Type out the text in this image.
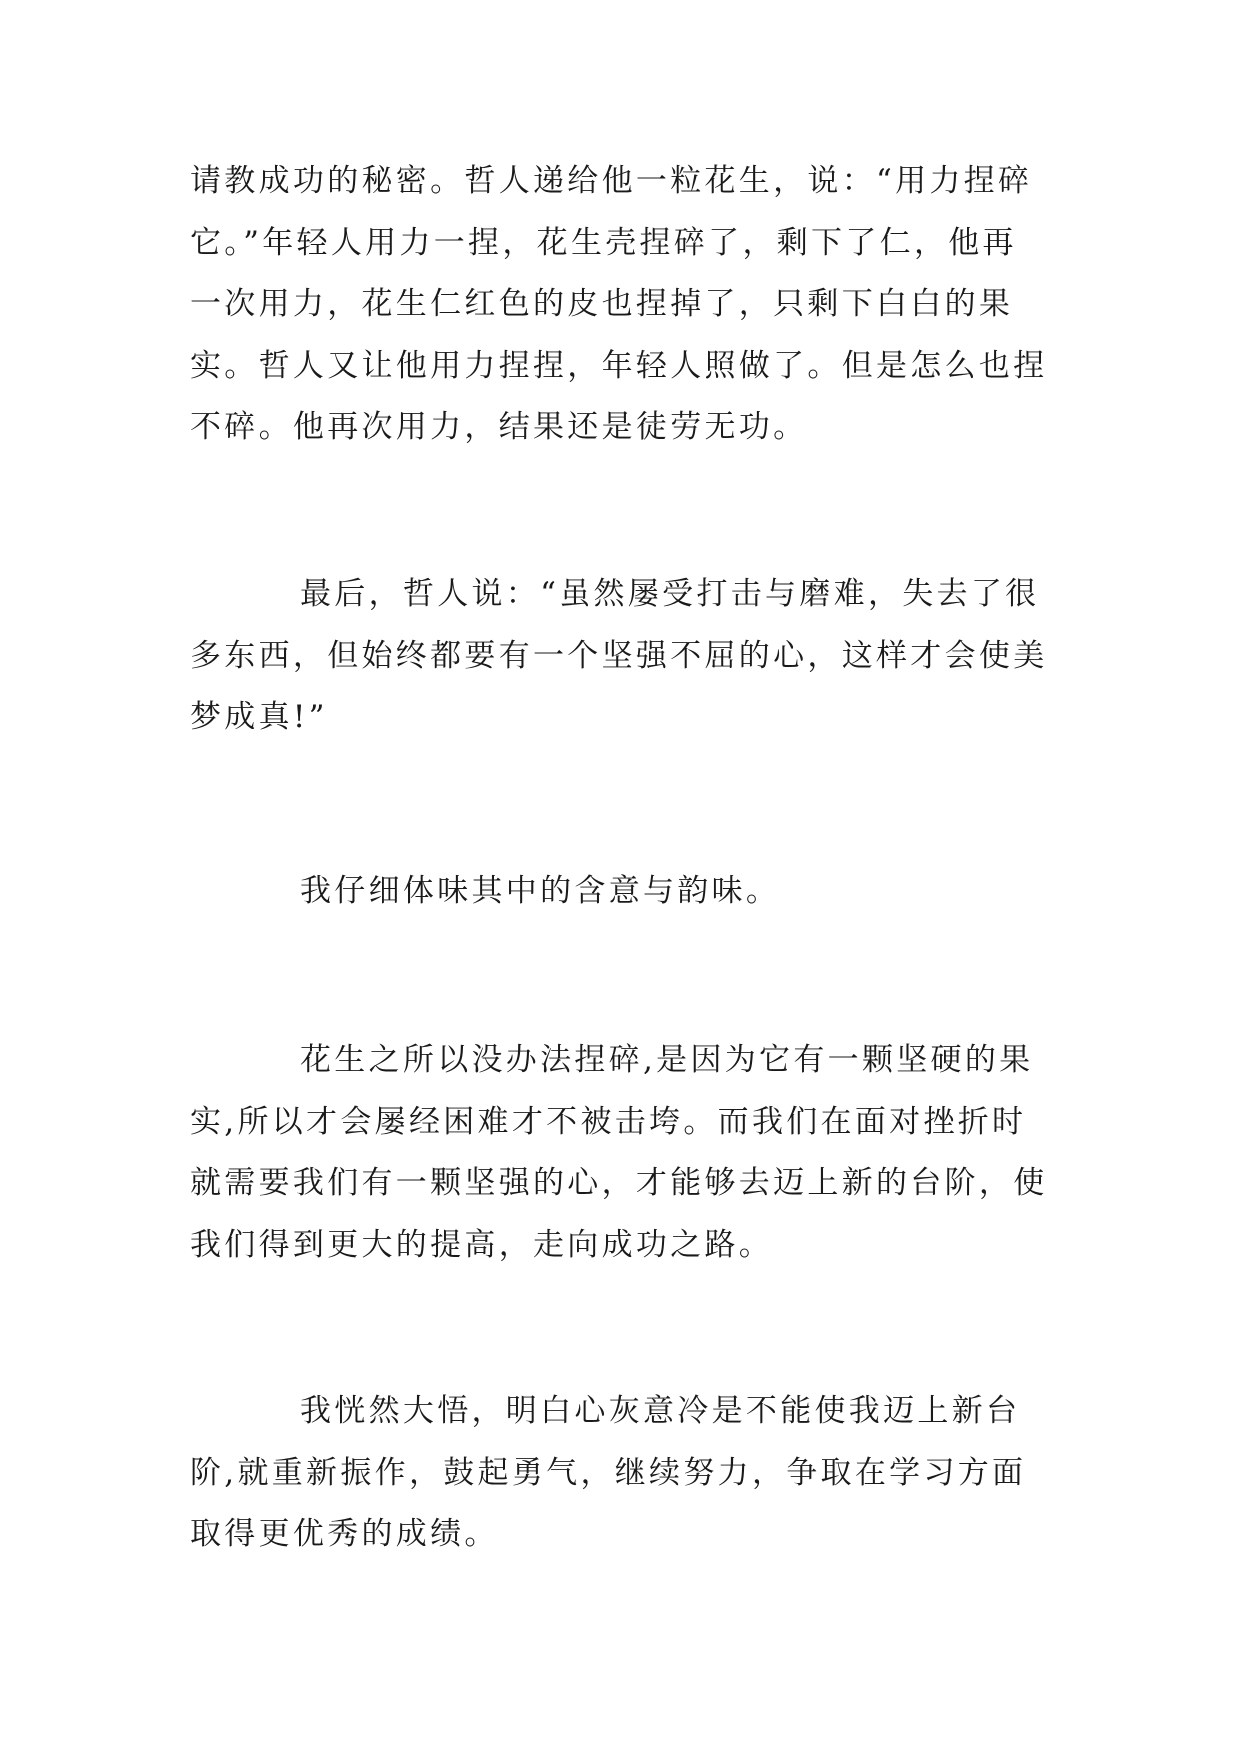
请教成功的秘密。哲人递给他一粒花生，说：“用力捏碎它。”年轻人用力一捏，花生壳捏碎了，剩下了仁，他再一次用力，花生仁红色的皮也捏掉了，只剩下白白的果实。哲人又让他用力捏捏，年轻人照做了。但是怎么也捏不碎。他再次用力，结果还是徒劳无功。

最后，哲人说：“虽然屡受打击与磨难，失去了很多东西，但始终都要有一个坚强不屈的心，这样才会使美梦成真!”

我仔细体味其中的含意与韵味。

花生之所以没办法捏碎,是因为它有一颗坚硬的果实,所以才会屡经困难才不被击垮。而我们在面对挫折时就需要我们有一颗坚强的心，才能够去迈上新的台阶，使我们得到更大的提高，走向成功之路。

我恍然大悟，明白心灰意冷是不能使我迈上新台阶,就重新振作，鼓起勇气，继续努力，争取在学习方面取得更优秀的成绩。
